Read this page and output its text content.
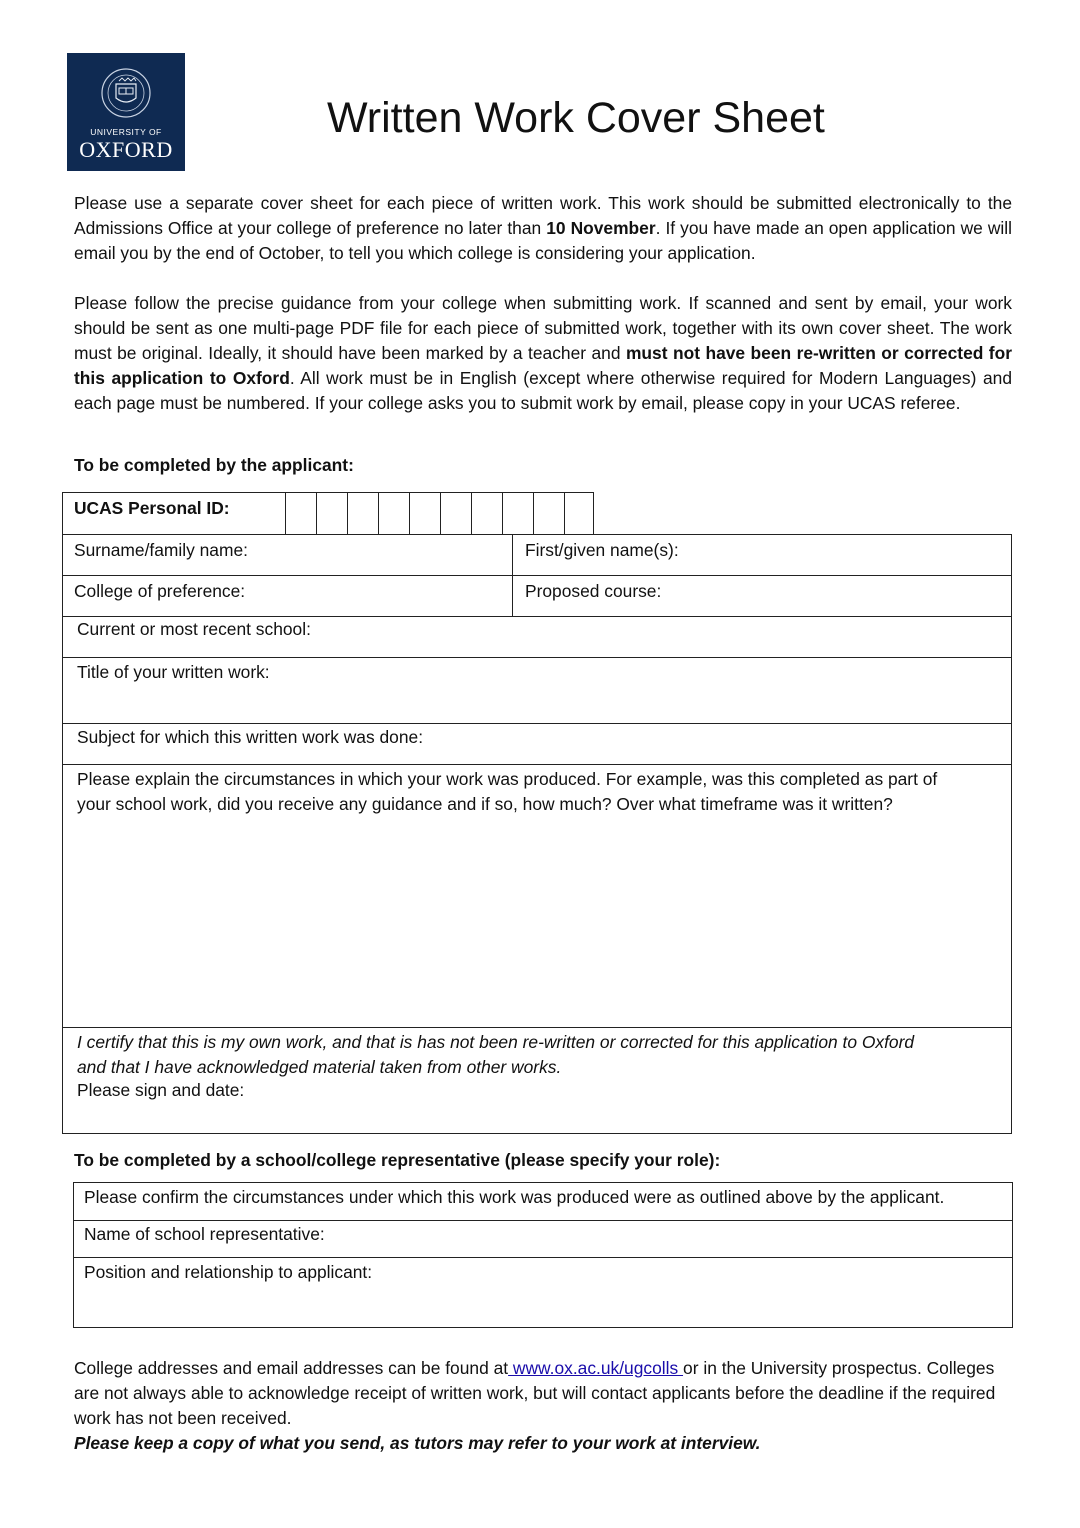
UNIVERSITY OF
OXFORD
Written Work Cover Sheet
Please use a separate cover sheet for each piece of written work. This work should be submitted electronically to the Admissions Office at your college of preference no later than 10 November. If you have made an open application we will email you by the end of October, to tell you which college is considering your application.
Please follow the precise guidance from your college when submitting work. If scanned and sent by email, your work should be sent as one multi-page PDF file for each piece of submitted work, together with its own cover sheet. The work must be original. Ideally, it should have been marked by a teacher and must not have been re-written or corrected for this application to Oxford. All work must be in English (except where otherwise required for Modern Languages) and each page must be numbered. If your college asks you to submit work by email, please copy in your UCAS referee.
To be completed by the applicant:
UCAS Personal ID:
Surname/family name:	First/given name(s):
College of preference:	Proposed course:
Current or most recent school:
Title of your written work:
Subject for which this written work was done:
Please explain the circumstances in which your work was produced. For example, was this completed as part of your school work, did you receive any guidance and if so, how much? Over what timeframe was it written?
I certify that this is my own work, and that is has not been re-written or corrected for this application to Oxford and that I have acknowledged material taken from other works.
Please sign and date:
To be completed by a school/college representative (please specify your role):
Please confirm the circumstances under which this work was produced were as outlined above by the applicant.
Name of school representative:
Position and relationship to applicant:
College addresses and email addresses can be found at www.ox.ac.uk/ugcolls or in the University prospectus. Colleges are not always able to acknowledge receipt of written work, but will contact applicants before the deadline if the required work has not been received.
Please keep a copy of what you send, as tutors may refer to your work at interview.
